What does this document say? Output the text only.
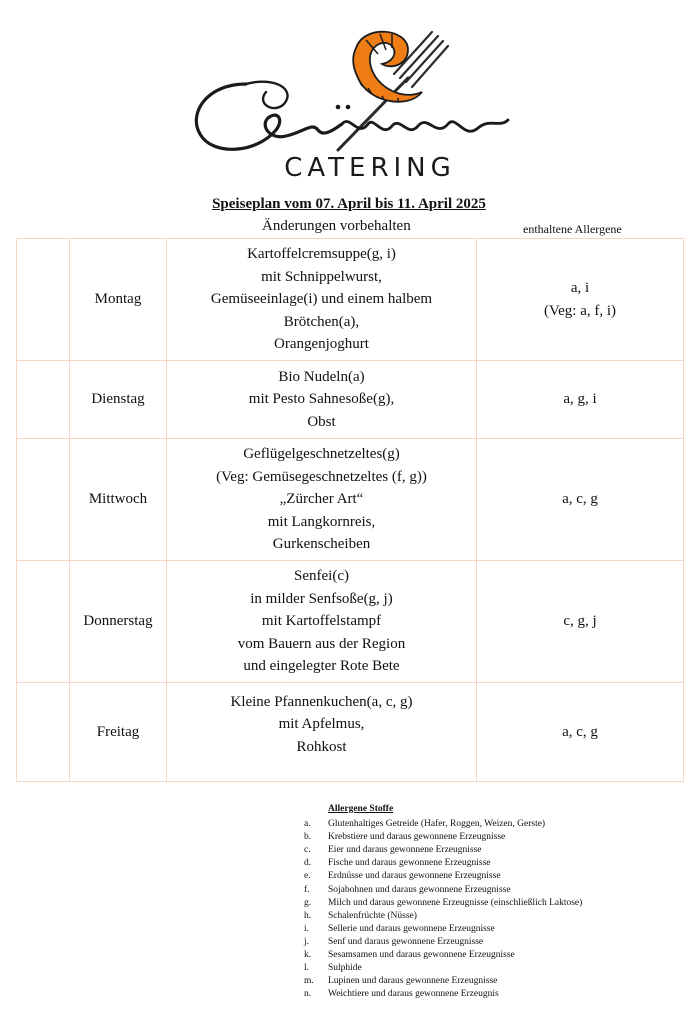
CATERING
Speiseplan vom 07. April bis 11. April 2025
Änderungen vorbehalten	enthaltene Allergene
	Montag	Kartoffelcremsuppe(g, i)
mit Schnippelwurst,
Gemüseeinlage(i) und einem halbem
Brötchen(a),
Orangenjoghurt	a, i
(Veg: a, f, i)

	Dienstag	Bio Nudeln(a)
mit Pesto Sahnesoße(g),
Obst	a, g, i

	Mittwoch	Geflügelgeschnetzeltes(g)
(Veg: Gemüsegeschnetzeltes (f, g))
„Zürcher Art“
mit Langkornreis,
Gurkenscheiben	a, c, g

	Donnerstag	Senfei(c)
in milder Senfsoße(g, j)
mit Kartoffelstampf
vom Bauern aus der Region
und eingelegter Rote Bete	c, g, j

	Freitag	Kleine Pfannenkuchen(a, c, g)
mit Apfelmus,
Rohkost	a, c, g
Allergene Stoffe
a.	Glutenhaltiges Getreide (Hafer, Roggen, Weizen, Gerste)
b.	Krebstiere und daraus gewonnene Erzeugnisse
c.	Eier und daraus gewonnene Erzeugnisse
d.	Fische und daraus gewonnene Erzeugnisse
e.	Erdnüsse und daraus gewonnene Erzeugnisse
f.	Sojabohnen und daraus gewonnene Erzeugnisse
g.	Milch und daraus gewonnene Erzeugnisse (einschließlich Laktose)
h.	Schalenfrüchte (Nüsse)
i.	Sellerie und daraus gewonnene Erzeugnisse
j.	Senf und daraus gewonnene Erzeugnisse
k.	Sesamsamen und daraus gewonnene Erzeugnisse
l.	Sulphide
m.	Lupinen und daraus gewonnene Erzeugnisse
n.	Weichtiere und daraus gewonnene Erzeugnis
